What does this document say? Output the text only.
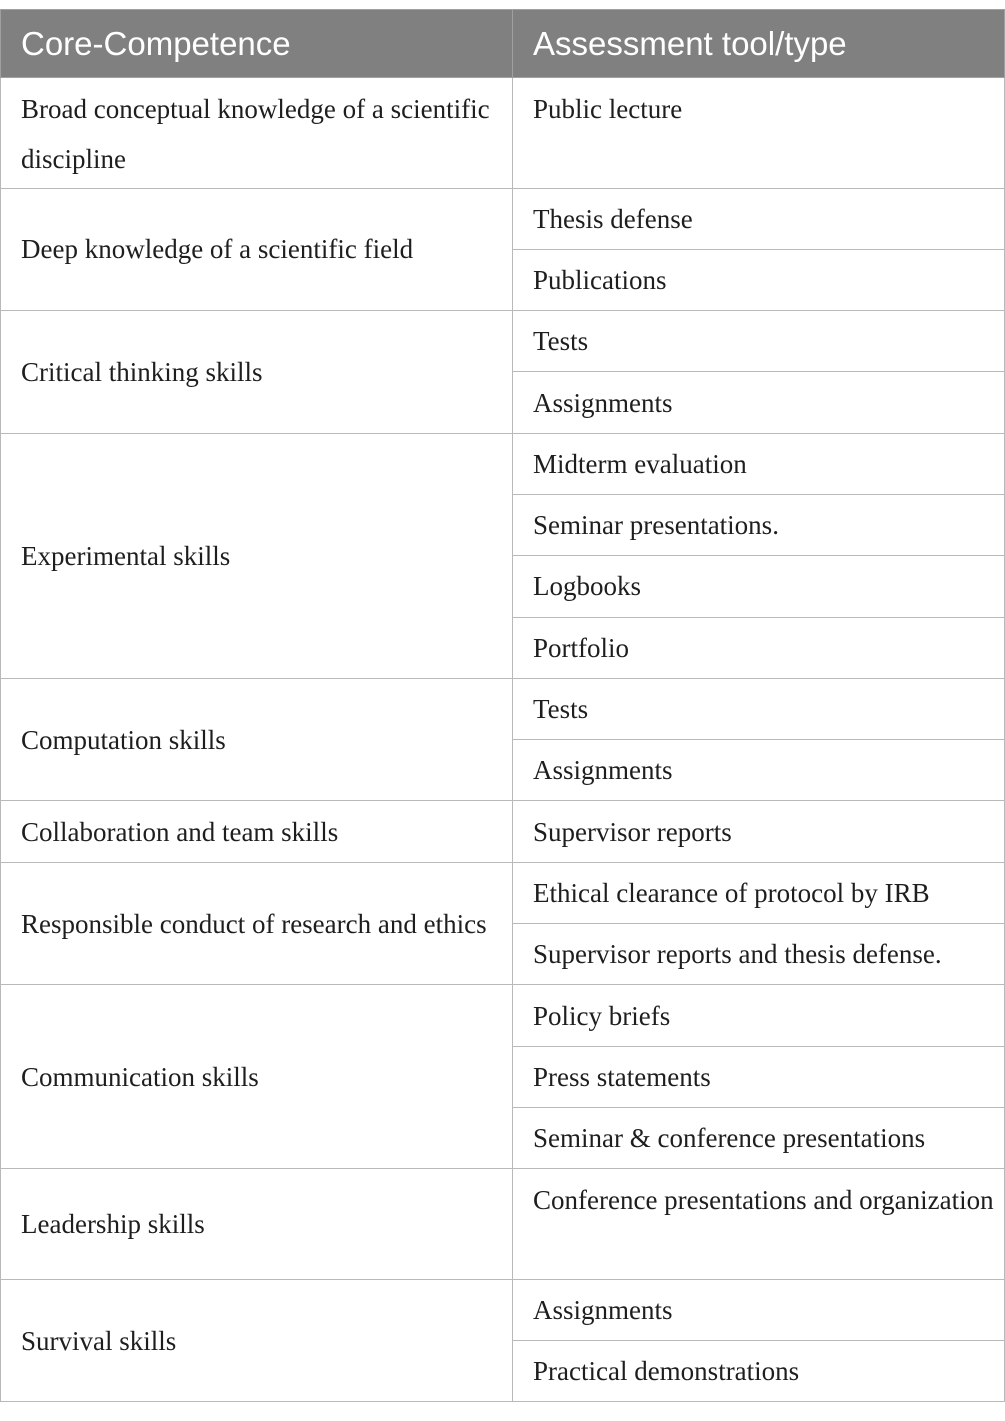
Core-Competence	Assessment tool/type
Broad conceptual knowledge of a scientific discipline	Public lecture
Deep knowledge of a scientific field	Thesis defense
	Publications
Critical thinking skills	Tests
	Assignments
Experimental skills	Midterm evaluation
	Seminar presentations.
	Logbooks
	Portfolio
Computation skills	Tests
	Assignments
Collaboration and team skills	Supervisor reports
Responsible conduct of research and ethics	Ethical clearance of protocol by IRB
	Supervisor reports and thesis defense.
Communication skills	Policy briefs
	Press statements
	Seminar & conference presentations
Leadership skills	Conference presentations and organization
Survival skills	Assignments
	Practical demonstrations
